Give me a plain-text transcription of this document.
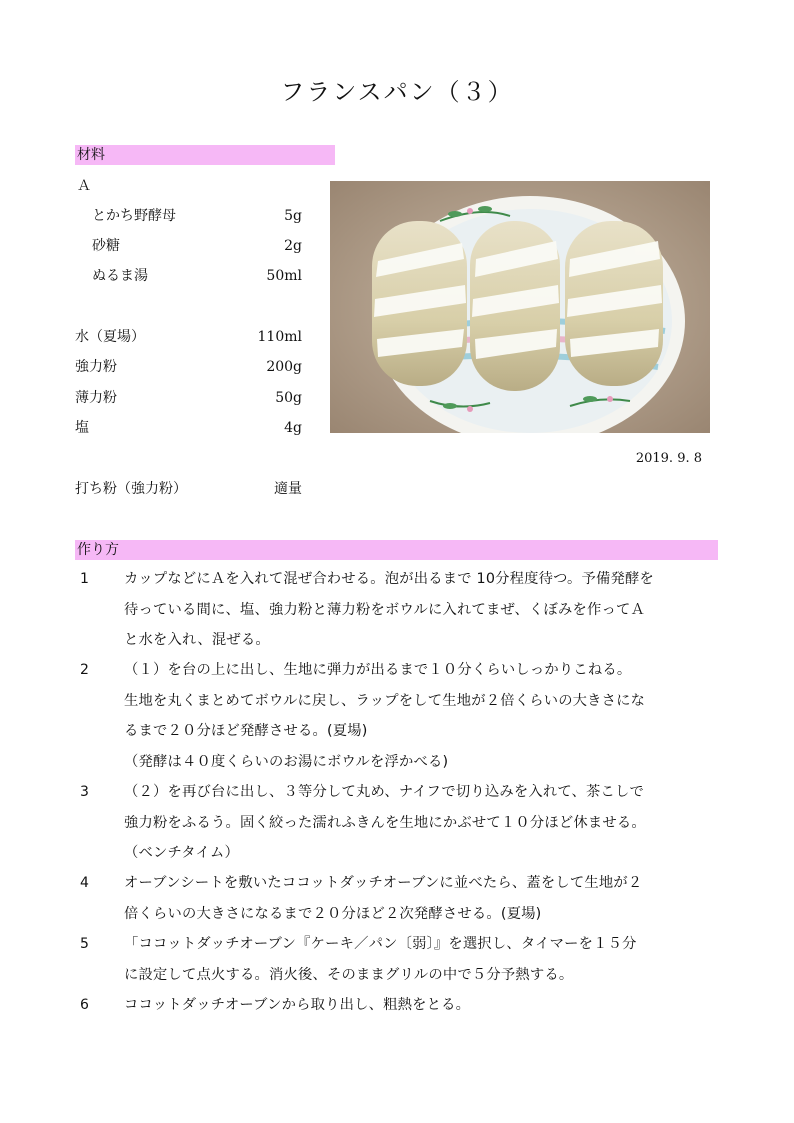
フランスパン（３）
材料
Ａ
とかち野酵母	5g
砂糖	2g
ぬるま湯	50ml
水（夏場）	110ml
強力粉	200g
薄力粉	50g
塩	4g
打ち粉（強力粉）	適量
2019. 9. 8
作り方
1 カップなどにＡを入れて混ぜ合わせる。泡が出るまで 10分程度待つ。予備発酵を
待っている間に、塩、強力粉と薄力粉をボウルに入れてまぜ、くぼみを作ってＡ
と水を入れ、混ぜる。
2 （１）を台の上に出し、生地に弾力が出るまで１０分くらいしっかりこねる。
生地を丸くまとめてボウルに戻し、ラップをして生地が２倍くらいの大きさにな
るまで２０分ほど発酵させる。(夏場)
（発酵は４０度くらいのお湯にボウルを浮かべる)
3 （２）を再び台に出し、３等分して丸め、ナイフで切り込みを入れて、茶こしで
強力粉をふるう。固く絞った濡れふきんを生地にかぶせて１０分ほど休ませる。
（ベンチタイム）
4 オーブンシートを敷いたココットダッチオーブンに並べたら、蓋をして生地が２
倍くらいの大きさになるまで２０分ほど２次発酵させる。(夏場)
5 「ココットダッチオーブン『ケーキ／パン〔弱〕』を選択し、タイマーを１５分
に設定して点火する。消火後、そのままグリルの中で５分予熱する。
6 ココットダッチオーブンから取り出し、粗熱をとる。
